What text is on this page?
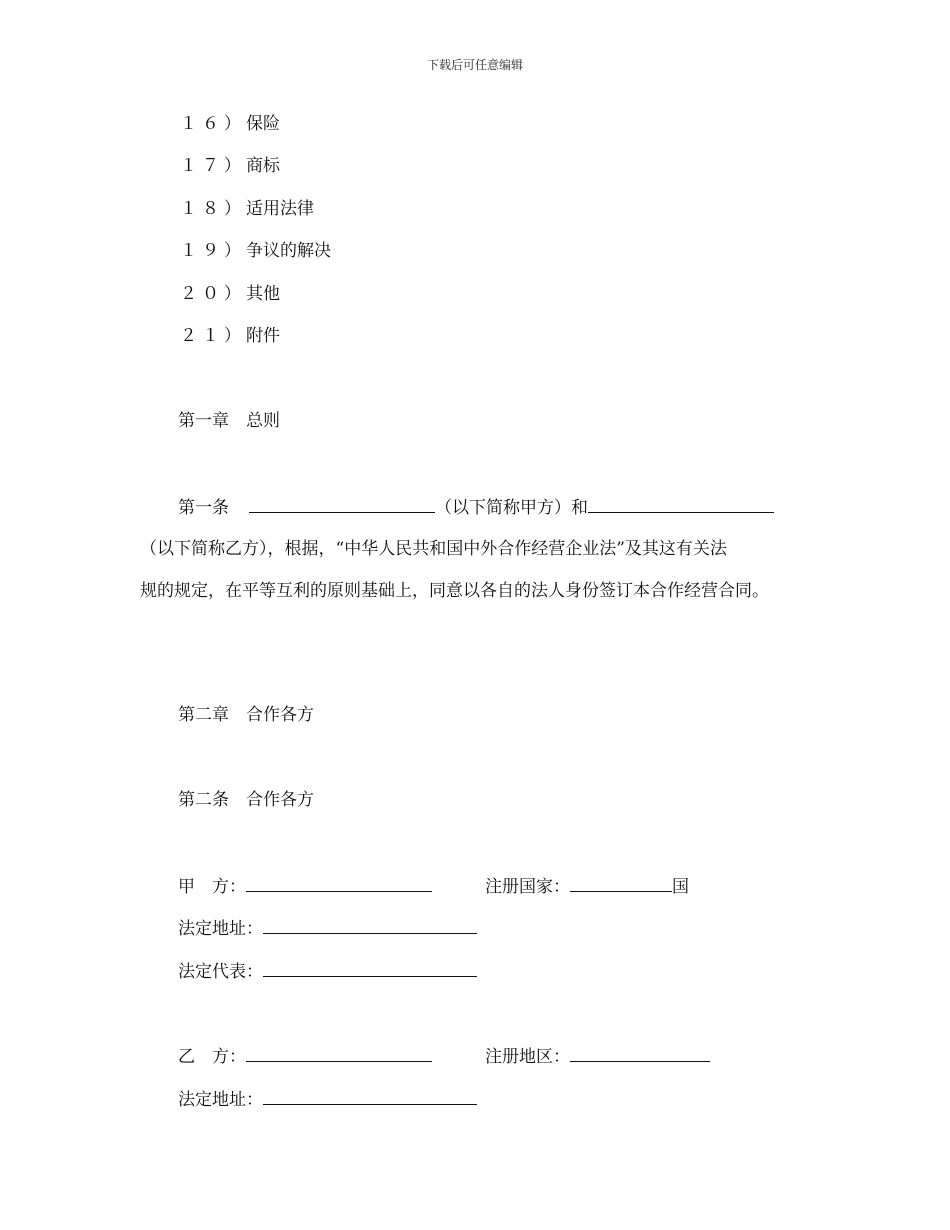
下载后可任意编辑
１６）保险
１７）商标
１８）适用法律
１９）争议的解决
２０）其他
２１）附件
第一章　总则
第一条	（以下简称甲方）和
（以下简称乙方），根据，“中华人民共和国中外合作经营企业法”及其这有关法
规的规定，在平等互利的原则基础上，同意以各自的法人身份签订本合作经营合同。
第二章　合作各方
第二条　合作各方
甲　方：	注册国家：	国
法定地址：
法定代表：
乙　方：	注册地区：
法定地址：
